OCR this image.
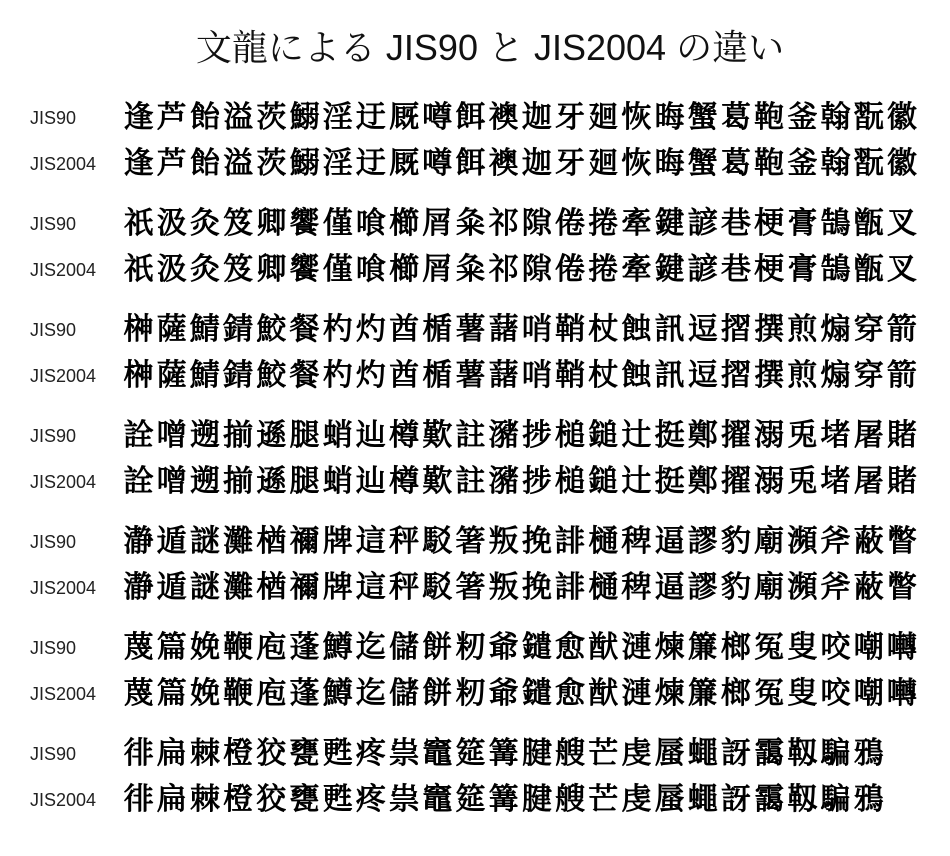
文龍による JIS90 と JIS2004 の違い
JIS90	逢 芦 飴 溢 茨 鰯 淫 迂 厩 噂 餌 襖 迦 牙 廻 恢 晦 蟹 葛 鞄 釜 翰 翫 徽
JIS2004 逢 芦 飴 溢 茨 鰯 淫 迂 厩 噂 餌 襖 迦 牙 廻 恢 晦 蟹 葛 鞄 釜 翰 翫 徽
JIS90	祇 汲 灸 笈 卿 饗 僅 喰 櫛 屑 粂 祁 隙 倦 捲 牽 鍵 諺 巷 梗 膏 鵠 甑 叉
JIS2004 祇 汲 灸 笈 卿 饗 僅 喰 櫛 屑 粂 祁 隙 倦 捲 牽 鍵 諺 巷 梗 膏 鵠 甑 叉
JIS90	榊 薩 鯖 錆 鮫 餐 杓 灼 酋 楯 薯 藷 哨 鞘 杖 蝕 訊 逗 摺 撰 煎 煽 穿 箭
JIS2004 榊 薩 鯖 錆 鮫 餐 杓 灼 酋 楯 薯 藷 哨 鞘 杖 蝕 訊 逗 摺 撰 煎 煽 穿 箭
JIS90	詮 噌 遡 揃 遜 腿 蛸 辿 樽 歎 註 瀦 捗 槌 鎚 辻 挺 鄭 擢 溺 兎 堵 屠 賭
JIS2004 詮 噌 遡 揃 遜 腿 蛸 辿 樽 歎 註 瀦 捗 槌 鎚 辻 挺 鄭 擢 溺 兎 堵 屠 賭
JIS90	瀞 遁 謎 灘 楢 禰 牌 這 秤 駁 箸 叛 挽 誹 樋 稗 逼 謬 豹 廟 瀕 斧 蔽 瞥
JIS2004 瀞 遁 謎 灘 楢 禰 牌 這 秤 駁 箸 叛 挽 誹 樋 稗 逼 謬 豹 廟 瀕 斧 蔽 瞥
JIS90	蔑 篇 娩 鞭 庖 蓬 鱒 迄 儲 餅 籾 爺 鑓 愈 猷 漣 煉 簾 榔 冤 叟 咬 嘲 囀
JIS2004 蔑 篇 娩 鞭 庖 蓬 鱒 迄 儲 餅 籾 爺 鑓 愈 猷 漣 煉 簾 榔 冤 叟 咬 嘲 囀
JIS90	徘 扁 棘 橙 狡 甕 甦 疼 祟 竈 筵 篝 腱 艘 芒 虔 蜃 蠅 訝 靄 靱 騙 鴉
JIS2004 徘 扁 棘 橙 狡 甕 甦 疼 祟 竈 筵 篝 腱 艘 芒 虔 蜃 蠅 訝 靄 靱 騙 鴉
